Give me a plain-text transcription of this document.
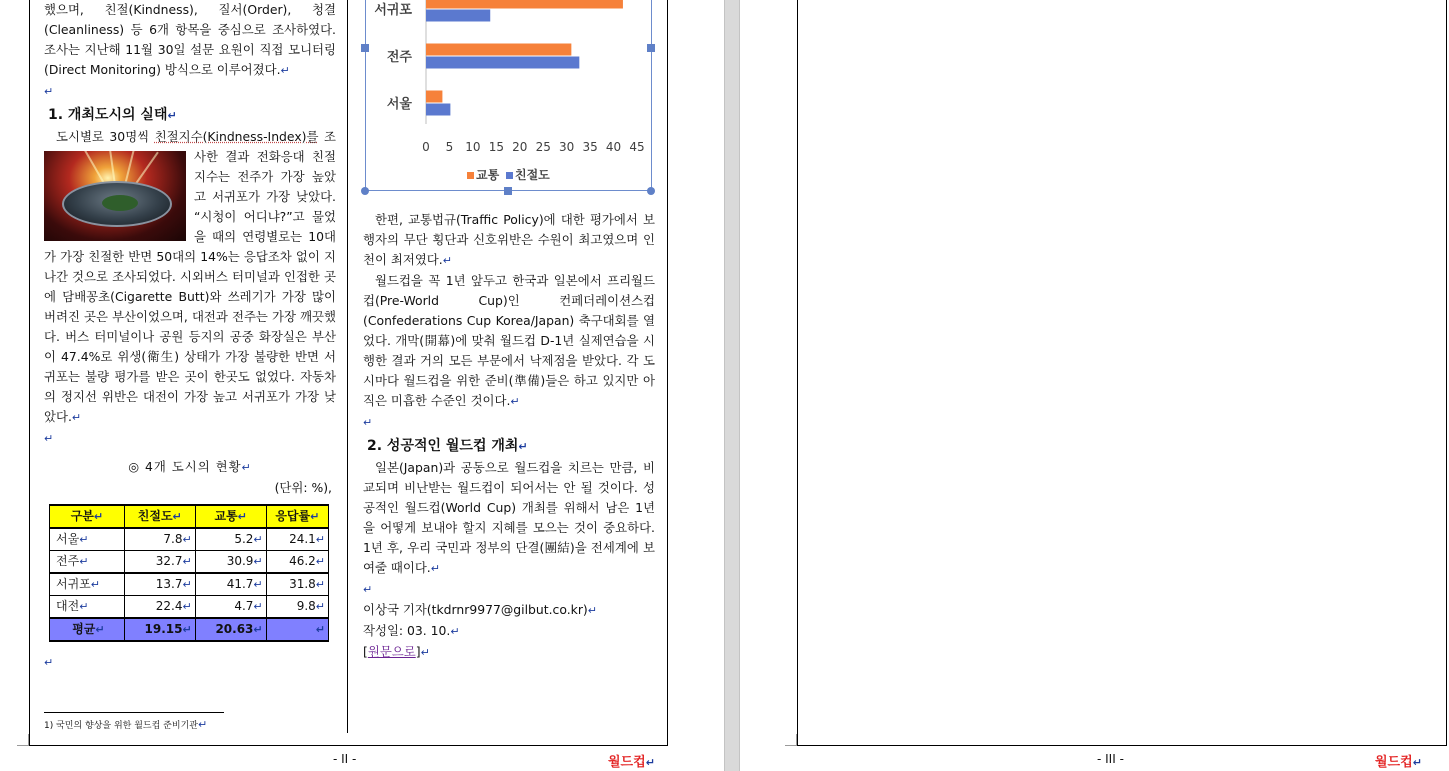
했으며, 친절(Kindness), 질서(Order), 청결(Cleanliness) 등 6개 항목을 중심으로 조사하였다. 조사는 지난해 11월 30일 설문 요원이 직접 모니터링(Direct Monitoring) 방식으로 이루어졌다.↵
↵
1. 개최도시의 실태↵
도시별로 30명씩 친절지수(Kindness-Index)를
조사한 결과 전화응대 친절지수는 전주가 가장 높았고 서귀포가 가장 낮았다. “시청이 어디냐?”고 물었을 때의 연령별로는 10대가 가장 친절한 반면 50대의 14%는 응답조차 없이 지나간 것으로 조사되었다. 시외버스 터미널과 인접한 곳에 담배꽁초(Cigarette Butt)와 쓰레기가 가장 많이 버려진 곳은 부산이었으며, 대전과 전주는 가장 깨끗했다. 버스 터미널이나 공원 등지의 공중 화장실은 부산이 47.4%로 위생(衛生) 상태가 가장 불량한 반면 서귀포는 불량 평가를 받은 곳이 한곳도 없었다. 자동차의 정지선 위반은 대전이 가장 높고 서귀포가 가장 낮았다.↵
↵
◎ 4개 도시의 현황↵
(단위: %),
구분↵	친절도↵	교통↵	응답률↵
서울↵	7.8↵	5.2↵	24.1↵
전주↵	32.7↵	30.9↵	46.2↵
서귀포↵	13.7↵	41.7↵	31.8↵
대전↵	22.4↵	4.7↵	9.8↵
평균↵	19.15↵	20.63↵	↵
↵
1) 국민의 향상을 위한 월드컵 준비기관↵
- II -	월드컵↵
서울
전주
서귀포
0 5 10 15 20 25 30 35 40 45
교통 친절도
한편, 교통법규(Traffic Policy)에 대한 평가에서 보행자의 무단 횡단과 신호위반은 수원이 최고였으며 인천이 최저였다.↵
월드컵을 꼭 1년 앞두고 한국과 일본에서 프리월드컵(Pre-World Cup)인 컨페더레이션스컵(Confederations Cup Korea/Japan) 축구대회를 열었다. 개막(開幕)에 맞춰 월드컵 D-1년 실제연습을 시행한 결과 거의 모든 부문에서 낙제점을 받았다. 각 도시마다 월드컵을 위한 준비(準備)들은 하고 있지만 아직은 미흡한 수준인 것이다.↵
↵
2. 성공적인 월드컵 개최↵
일본(Japan)과 공동으로 월드컵을 치르는 만큼, 비교되며 비난받는 월드컵이 되어서는 안 될 것이다. 성공적인 월드컵(World Cup) 개최를 위해서 남은 1년을 어떻게 보내야 할지 지혜를 모으는 것이 중요하다. 1년 후, 우리 국민과 정부의 단결(團結)을 전세계에 보여줄 때이다.↵
↵
이상국 기자(tkdrnr9977@gilbut.co.kr)↵
작성일: 03. 10.↵
[원문으로]↵
- III -	월드컵↵
